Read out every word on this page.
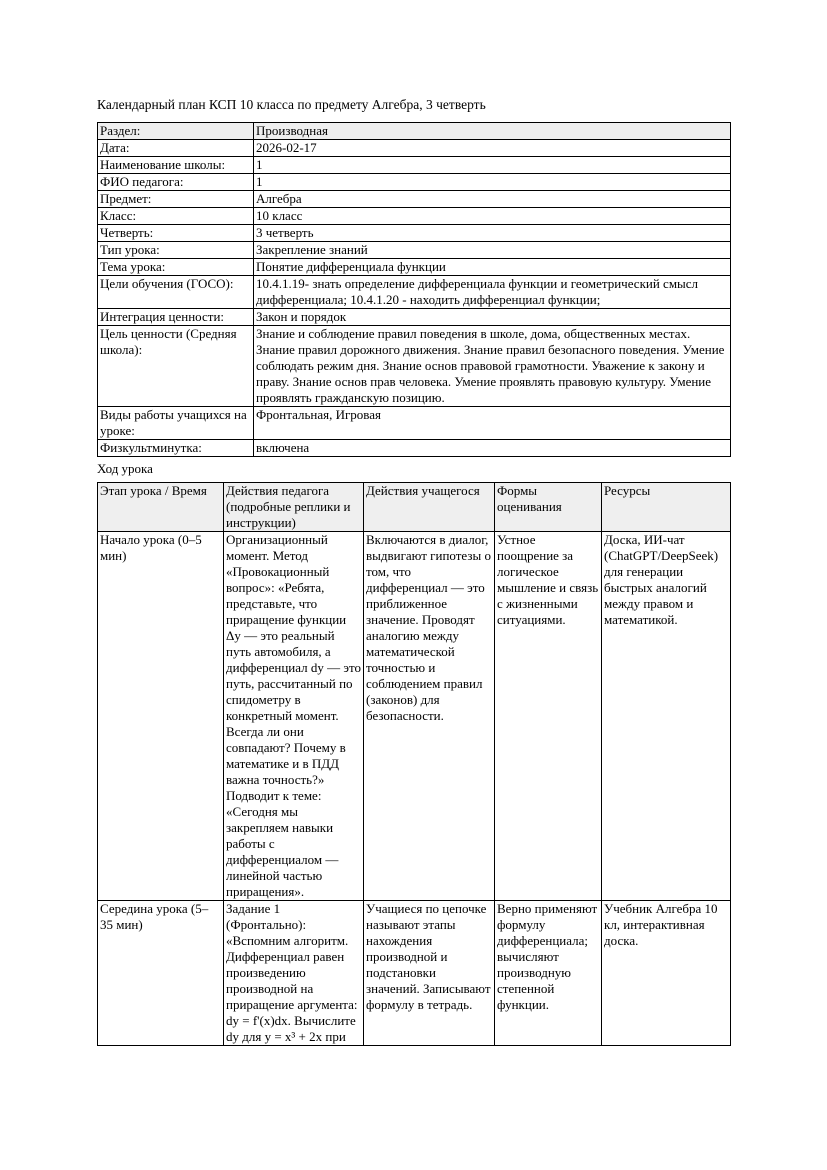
Календарный план КСП 10 класса по предмету Алгебра, 3 четверть

Раздел:	Производная
Дата:	2026-02-17
Наименование школы:	1
ФИО педагога:	1
Предмет:	Алгебра
Класс:	10 класс
Четверть:	3 четверть
Тип урока:	Закрепление знаний
Тема урока:	Понятие дифференциала функции
Цели обучения (ГОСО):	10.4.1.19- знать определение дифференциала функции и геометрический смысл дифференциала; 10.4.1.20 - находить дифференциал функции;
Интеграция ценности:	Закон и порядок
Цель ценности (Средняя школа):	Знание и соблюдение правил поведения в школе, дома, общественных местах. Знание правил дорожного движения. Знание правил безопасного поведения. Умение соблюдать режим дня. Знание основ правовой грамотности. Уважение к закону и праву. Знание основ прав человека. Умение проявлять правовую культуру. Умение проявлять гражданскую позицию.
Виды работы учащихся на уроке:	Фронтальная, Игровая
Физкультминутка:	включена

Ход урока

Этап урока / Время	Действия педагога (подробные реплики и инструкции)	Действия учащегося	Формы оценивания	Ресурсы
Начало урока (0–5 мин)	Организационный момент. Метод «Провокационный вопрос»: «Ребята, представьте, что приращение функции Δy — это реальный путь автомобиля, а дифференциал dy — это путь, рассчитанный по спидометру в конкретный момент. Всегда ли они совпадают? Почему в математике и в ПДД важна точность?» Подводит к теме: «Сегодня мы закрепляем навыки работы с дифференциалом — линейной частью приращения».	Включаются в диалог, выдвигают гипотезы о том, что дифференциал — это приближенное значение. Проводят аналогию между математической точностью и соблюдением правил (законов) для безопасности.	Устное поощрение за логическое мышление и связь с жизненными ситуациями.	Доска, ИИ-чат (ChatGPT/DeepSeek) для генерации быстрых аналогий между правом и математикой.
Середина урока (5–35 мин)	Задание 1 (Фронтально): «Вспомним алгоритм. Дифференциал равен произведению производной на приращение аргумента: dy = f'(x)dx. Вычислите dy для y = x³ + 2x при	Учащиеся по цепочке называют этапы нахождения производной и подстановки значений. Записывают формулу в тетрадь.	Верно применяют формулу дифференциала; вычисляют производную степенной функции.	Учебник Алгебра 10 кл, интерактивная доска.
